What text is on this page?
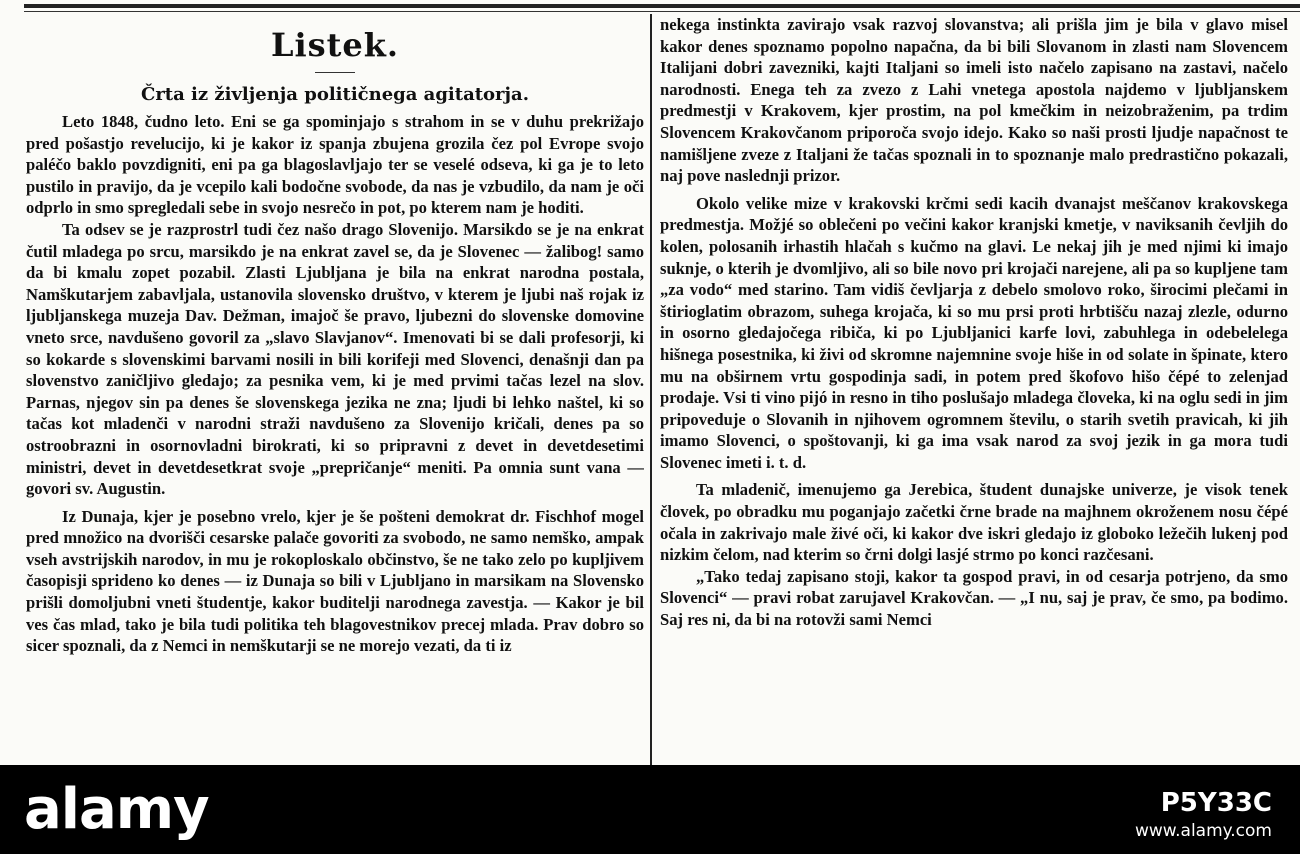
Listek.
Črta iz življenja političnega agitatorja.

Leto 1848, čudno leto. Eni se ga spominjajo s strahom in se v duhu prekrižajo pred pošastjo revelucijo, ki je kakor iz spanja zbujena grozila čez pol Evrope svojo paléčo baklo povzdigniti, eni pa ga blagoslavljajo ter se veselé odseva, ki ga je to leto pustilo in pravijo, da je vcepilo kali bodočne svobode, da nas je vzbudilo, da nam je oči odprlo in smo spregledali sebe in svojo nesrečo in pot, po kterem nam je hoditi.

Ta odsev se je razprostrl tudi čez našo drago Slovenijo. Marsikdo se je na enkrat čutil mladega po srcu, marsikdo je na enkrat zavel se, da je Slovenec — žalibog! samo da bi kmalu zopet pozabil. Zlasti Ljubljana je bila na enkrat narodna postala, Namškutarjem zabavljala, ustanovila slovensko društvo, v kterem je ljubi naš rojak iz ljubljanskega muzeja Dav. Dežman, imajoč še pravo, ljubezni do slovenske domovine vneto srce, navdušeno govoril za „slavo Slavjanov“. Imenovati bi se dali profesorji, ki so kokarde s slovenskimi barvami nosili in bili korifeji med Slovenci, denašnji dan pa slovenstvo zaničljivo gledajo; za pesnika vem, ki je med prvimi tačas lezel na slov. Parnas, njegov sin pa denes še slovenskega jezika ne zna; ljudi bi lehko naštel, ki so tačas kot mladenči v narodni straži navdušeno za Slovenijo kričali, denes pa so ostroobrazni in osornovladni birokrati, ki so pripravni z devet in devetdesetimi ministri, devet in devetdesetkrat svoje „prepričanje“ meniti. Pa omnia sunt vana — govori sv. Augustin.

Iz Dunaja, kjer je posebno vrelo, kjer je še pošteni demokrat dr. Fischhof mogel pred množico na dvorišči cesarske palače govoriti za svobodo, ne samo nemško, ampak vseh avstrijskih narodov, in mu je rokoploskalo občinstvo, še ne tako zelo po kupljivem časopisji sprideno ko denes — iz Dunaja so bili v Ljubljano in marsikam na Slovensko prišli domoljubni vneti študentje, kakor buditelji narodnega zavestja. — Kakor je bil ves čas mlad, tako je bila tudi politika teh blagovestnikov precej mlada. Prav dobro so sicer spoznali, da z Nemci in nemškutarji se ne morejo vezati, da ti iz

nekega instinkta zavirajo vsak razvoj slovanstva; ali prišla jim je bila v glavo misel kakor denes spoznamo popolno napačna, da bi bili Slovanom in zlasti nam Slovencem Italijani dobri zavezniki, kajti Italjani so imeli isto načelo zapisano na zastavi, načelo narodnosti. Enega teh za zvezo z Lahi vnetega apostola najdemo v ljubljanskem predmestji v Krakovem, kjer prostim, na pol kmečkim in neizobraženim, pa trdim Slovencem Krakovčanom priporoča svojo idejo. Kako so naši prosti ljudje napačnost te namišljene zveze z Italjani že tačas spoznali in to spoznanje malo predrastično pokazali, naj pove naslednji prizor.

Okolo velike mize v krakovski krčmi sedi kacih dvanajst meščanov krakovskega predmestja. Možjé so oblečeni po večini kakor kranjski kmetje, v naviksanih čevljih do kolen, polosanih irhastih hlačah s kučmo na glavi. Le nekaj jih je med njimi ki imajo suknje, o kterih je dvomljivo, ali so bile novo pri krojači narejene, ali pa so kupljene tam „za vodo“ med starino. Tam vidiš čevljarja z debelo smolovo roko, širocimi plečami in štirioglatim obrazom, suhega krojača, ki so mu prsi proti hrbtišču nazaj zlezle, odurno in osorno gledajočega ribiča, ki po Ljubljanici karfe lovi, zabuhlega in odebelelega hišnega posestnika, ki živi od skromne najemnine svoje hiše in od solate in špinate, ktero mu na obširnem vrtu gospodinja sadi, in potem pred škofovo hišo čépé to zelenjad prodaje. Vsi ti vino pijó in resno in tiho poslušajo mladega človeka, ki na oglu sedi in jim pripoveduje o Slovanih in njihovem ogromnem številu, o starih svetih pravicah, ki jih imamo Slovenci, o spoštovanji, ki ga ima vsak narod za svoj jezik in ga mora tudi Slovenec imeti i. t. d.

Ta mladenič, imenujemo ga Jerebica, študent dunajske univerze, je visok tenek človek, po obradku mu poganjajo začetki črne brade na majhnem okroženem nosu čépé očala in zakrivajo male živé oči, ki kakor dve iskri gledajo iz globoko ležečih lukenj pod nizkim čelom, nad kterim so črni dolgi lasjé strmo po konci razčesani.

„Tako tedaj zapisano stoji, kakor ta gospod pravi, in od cesarja potrjeno, da smo Slovenci“ — pravi robat zarujavel Krakovčan. — „I nu, saj je prav, če smo, pa bodimo. Saj res ni, da bi na rotovži sami Nemci

alamy	P5Y33C
www.alamy.com
